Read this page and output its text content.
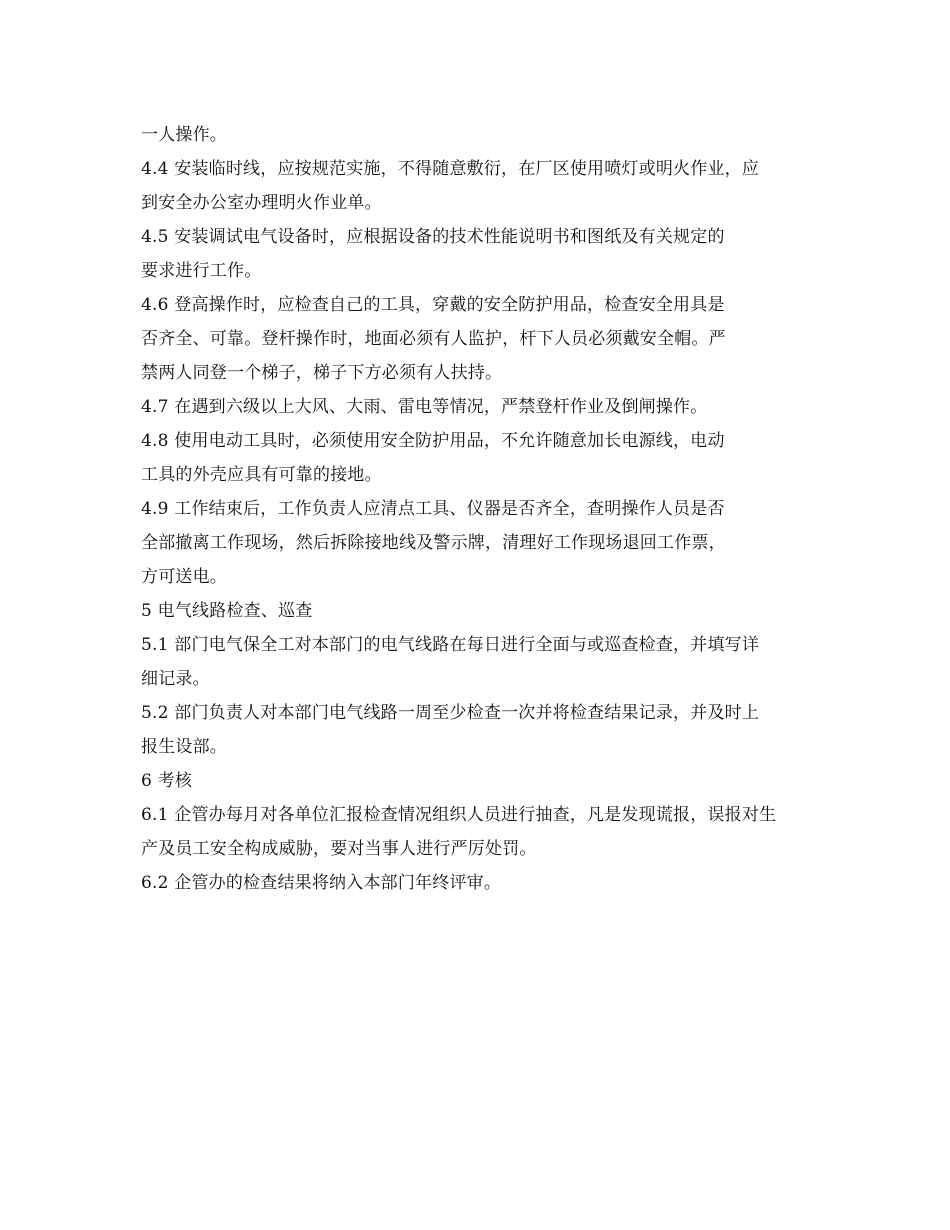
一人操作。

4.4 安装临时线，应按规范实施，不得随意敷衍，在厂区使用喷灯或明火作业，应

到安全办公室办理明火作业单。

4.5 安装调试电气设备时，应根据设备的技术性能说明书和图纸及有关规定的

要求进行工作。

4.6 登高操作时，应检查自己的工具，穿戴的安全防护用品，检查安全用具是

否齐全、可靠。登杆操作时，地面必须有人监护，杆下人员必须戴安全帽。严

禁两人同登一个梯子，梯子下方必须有人扶持。

4.7 在遇到六级以上大风、大雨、雷电等情况，严禁登杆作业及倒闸操作。

4.8 使用电动工具时，必须使用安全防护用品，不允许随意加长电源线，电动

工具的外壳应具有可靠的接地。

4.9 工作结束后，工作负责人应清点工具、仪器是否齐全，查明操作人员是否

全部撤离工作现场，然后拆除接地线及警示牌，清理好工作现场退回工作票，

方可送电。

5 电气线路检查、巡查

5.1 部门电气保全工对本部门的电气线路在每日进行全面与或巡查检查，并填写详

细记录。

5.2 部门负责人对本部门电气线路一周至少检查一次并将检查结果记录，并及时上

报生设部。

6 考核

6.1 企管办每月对各单位汇报检查情况组织人员进行抽查，凡是发现谎报，误报对生

产及员工安全构成威胁，要对当事人进行严厉处罚。

6.2 企管办的检查结果将纳入本部门年终评审。
